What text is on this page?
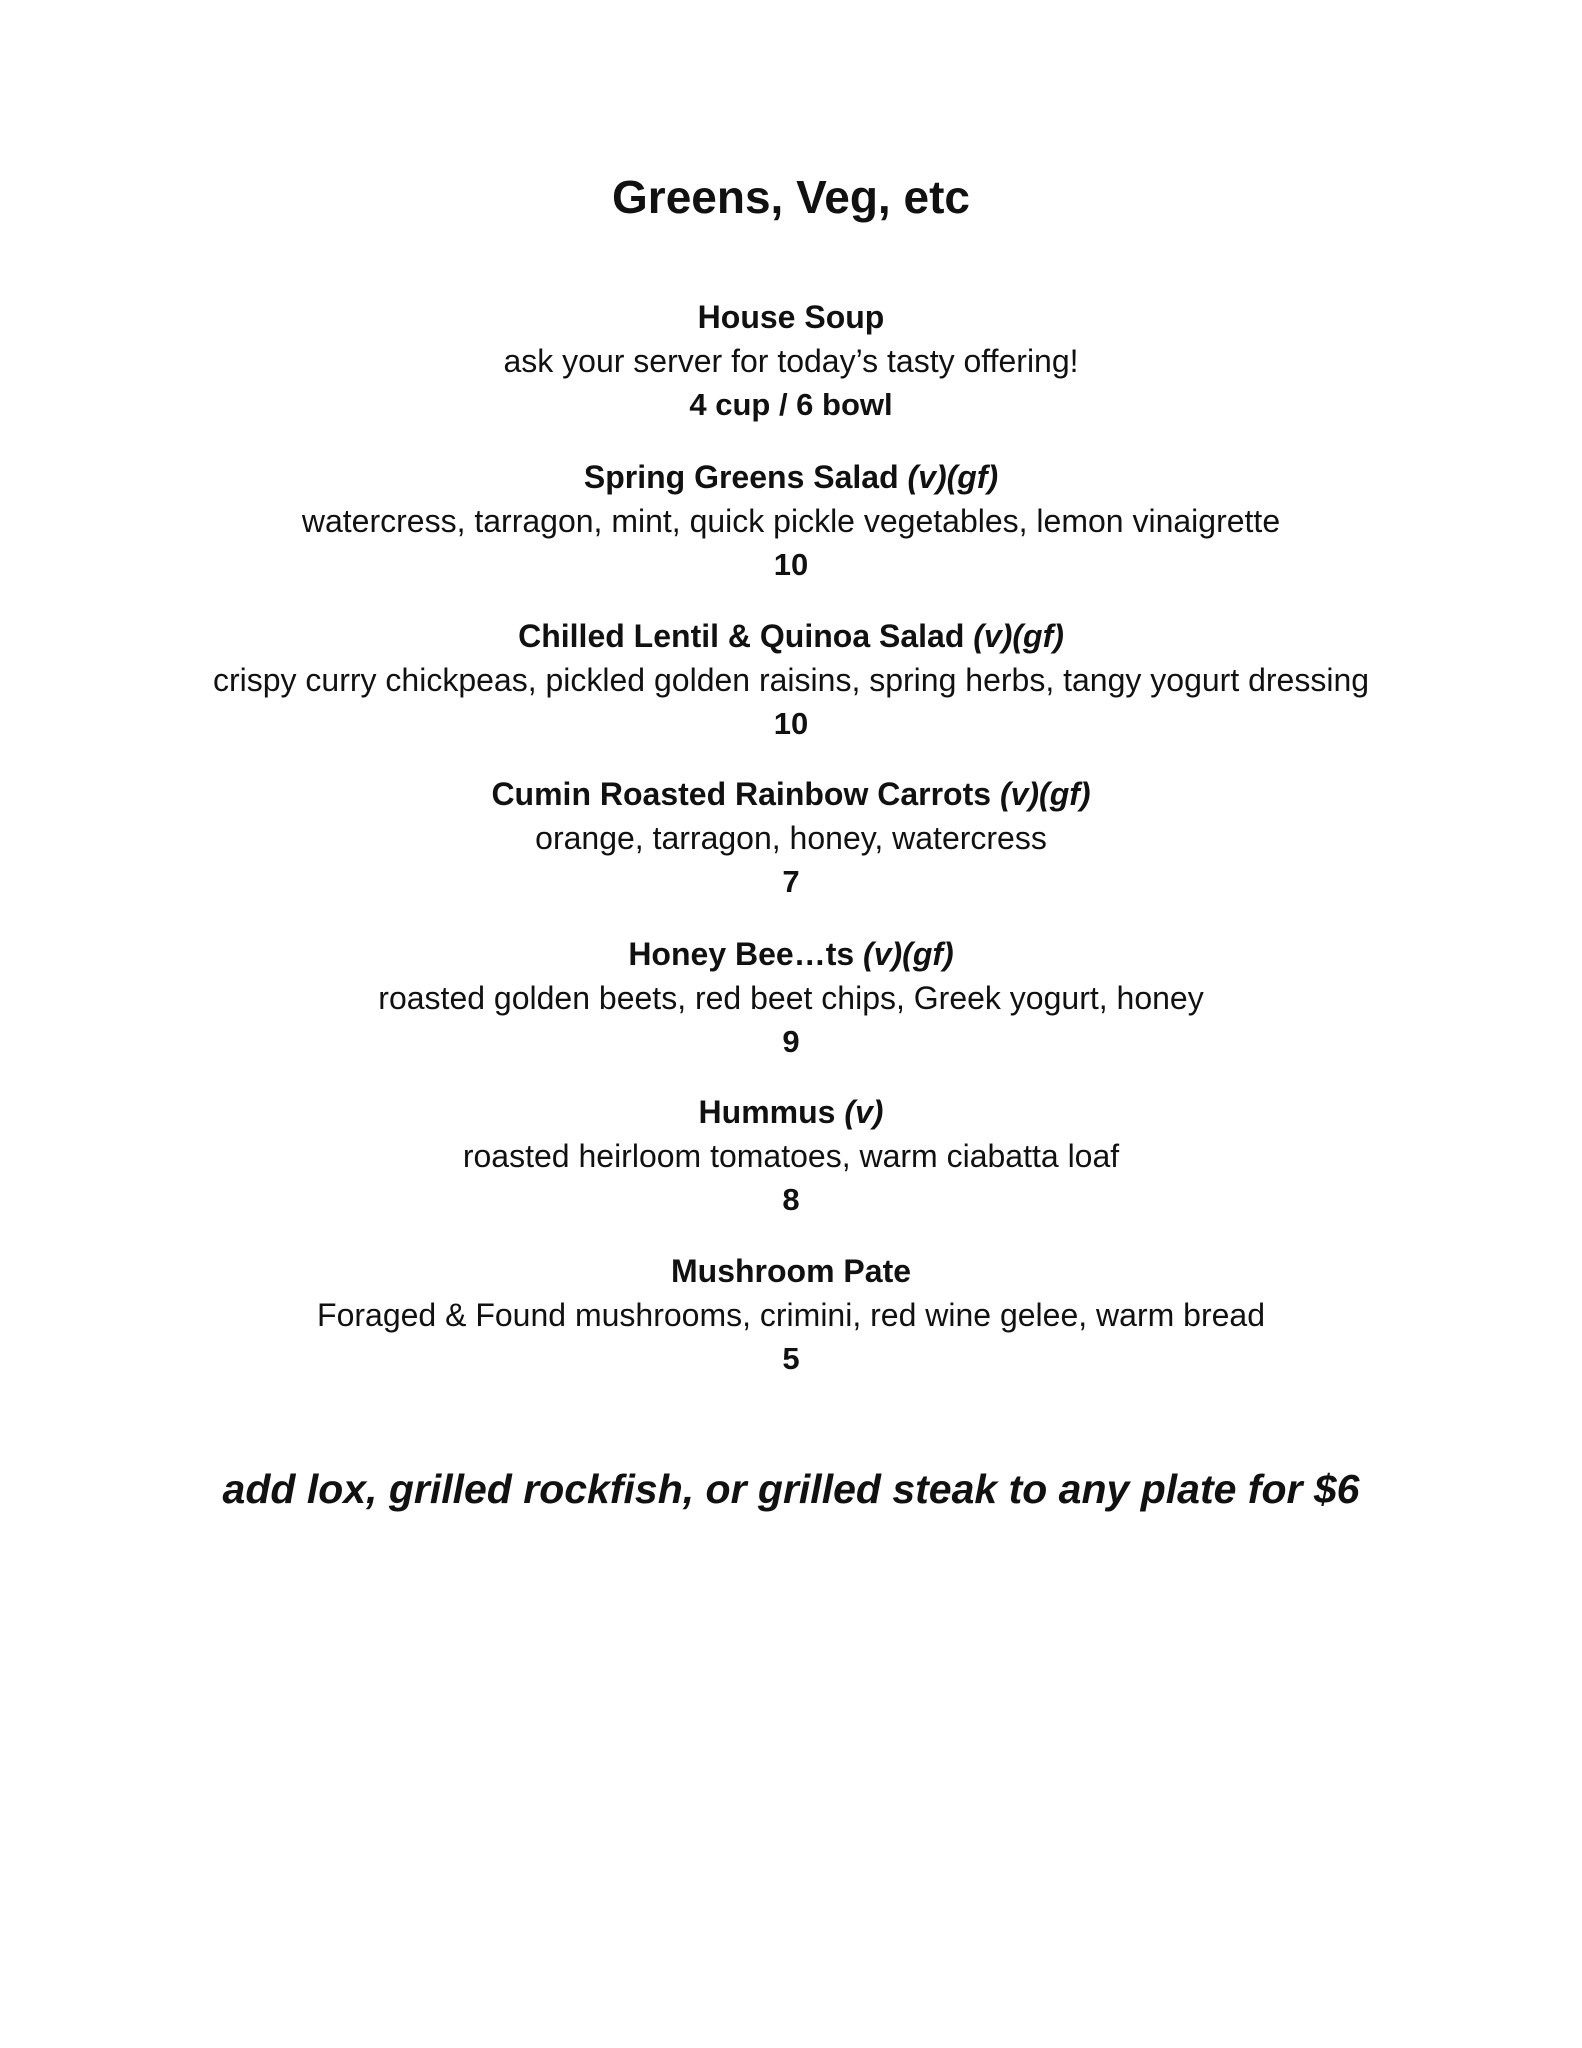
Greens, Veg, etc
House Soup
ask your server for today’s tasty offering!
4 cup / 6 bowl
Spring Greens Salad (v)(gf)
watercress, tarragon, mint, quick pickle vegetables, lemon vinaigrette
10
Chilled Lentil & Quinoa Salad (v)(gf)
crispy curry chickpeas, pickled golden raisins, spring herbs, tangy yogurt dressing
10
Cumin Roasted Rainbow Carrots (v)(gf)
orange, tarragon, honey, watercress
7
Honey Bee…ts (v)(gf)
roasted golden beets, red beet chips, Greek yogurt, honey
9
Hummus (v)
roasted heirloom tomatoes, warm ciabatta loaf
8
Mushroom Pate
Foraged & Found mushrooms, crimini, red wine gelee, warm bread
5
add lox, grilled rockfish, or grilled steak to any plate for $6
